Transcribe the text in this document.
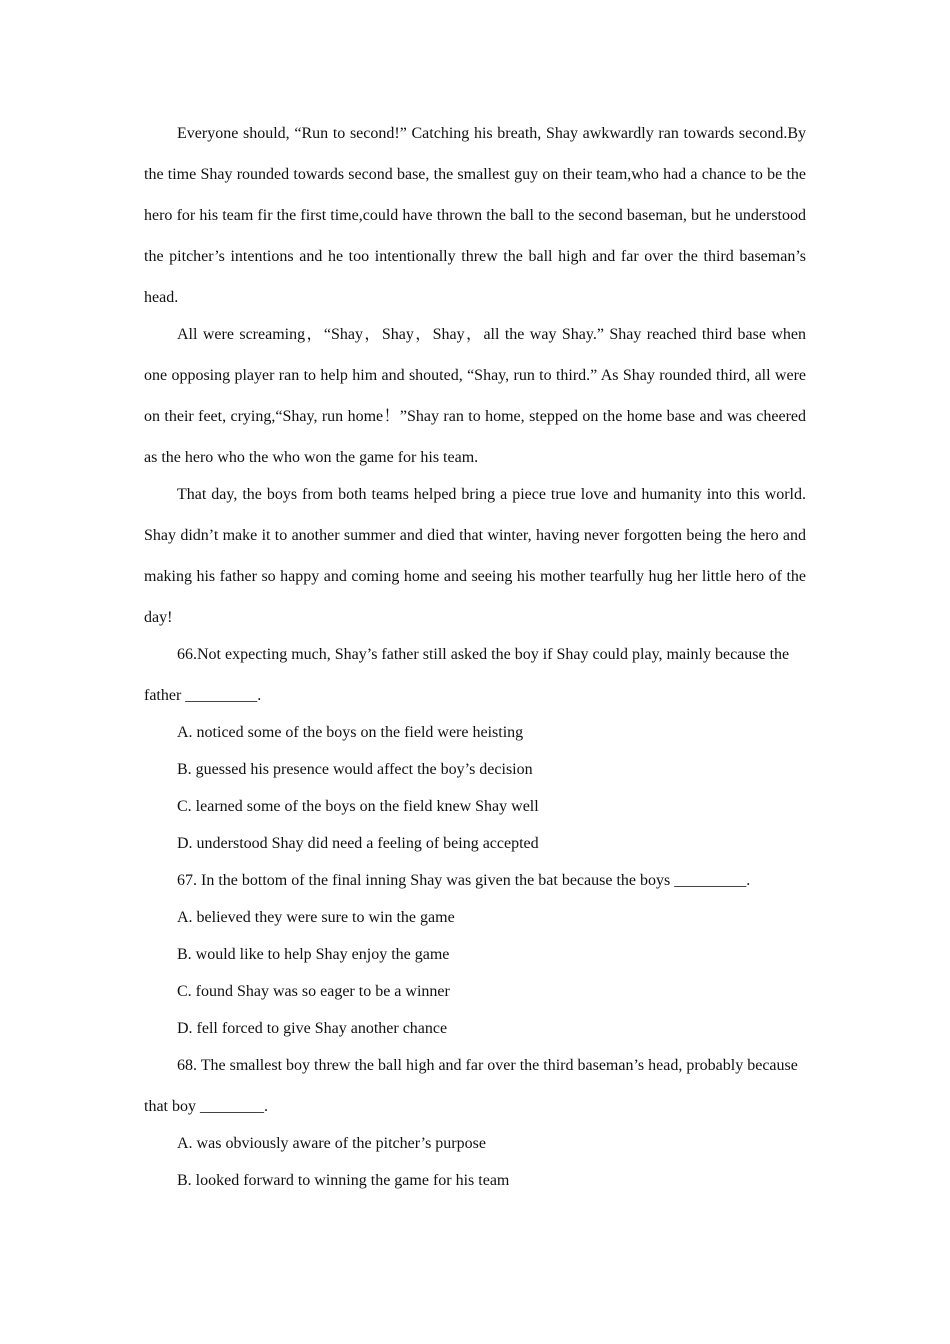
Everyone should, “Run to second!” Catching his breath, Shay awkwardly ran towards second.By the time Shay rounded towards second base, the smallest guy on their team,who had a chance to be the hero for his team fir the first time,could have thrown the ball to the second baseman, but he understood the pitcher’s intentions and he too intentionally threw the ball high and far over the third baseman’s head.

All were screaming，“Shay，Shay，Shay，all the way Shay.” Shay reached third base when one opposing player ran to help him and shouted, “Shay, run to third.” As Shay rounded third, all were on their feet, crying,“Shay, run home！”Shay ran to home, stepped on the home base and was cheered as the hero who the who won the game for his team.

That day, the boys from both teams helped bring a piece true love and humanity into this world. Shay didn’t make it to another summer and died that winter, having never forgotten being the hero and making his father so happy and coming home and seeing his mother tearfully hug her little hero of the day!

66.Not expecting much, Shay’s father still asked the boy if Shay could play, mainly because the father _________.

A. noticed some of the boys on the field were heisting

B. guessed his presence would affect the boy’s decision

C. learned some of the boys on the field knew Shay well

D. understood Shay did need a feeling of being accepted

67. In the bottom of the final inning Shay was given the bat because the boys _________.

A. believed they were sure to win the game

B. would like to help Shay enjoy the game

C. found Shay was so eager to be a winner

D. fell forced to give Shay another chance

68. The smallest boy threw the ball high and far over the third baseman’s head, probably because that boy ________.

A. was obviously aware of the pitcher’s purpose

B. looked forward to winning the game for his team
